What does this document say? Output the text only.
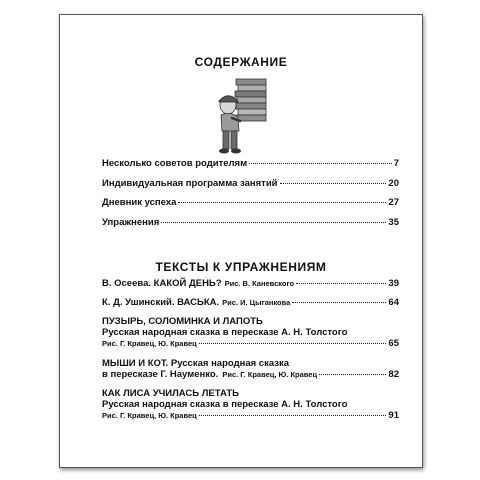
СОДЕРЖАНИЕ
Несколько советов родителям	7
Индивидуальная программа занятий	20
Дневник успеха	27
Упражнения	35
ТЕКСТЫ К УПРАЖНЕНИЯМ
В. Осеева. КАКОЙ ДЕНЬ? Рис. В. Каневского	39
К. Д. Ушинский. ВАСЬКА. Рис. И. Цыганкова	64
ПУЗЫРЬ, СОЛОМИНКА И ЛАПОТЬ
Русская народная сказка в пересказе А. Н. Толстого
Рис. Г. Кравец, Ю. Кравец	65
МЫШИ И КОТ. Русская народная сказка
в пересказе Г. Науменко. Рис. Г. Кравец, Ю. Кравец	82
КАК ЛИСА УЧИЛАСЬ ЛЕТАТЬ
Русская народная сказка в пересказе А. Н. Толстого
Рис. Г. Кравец, Ю. Кравец	91
